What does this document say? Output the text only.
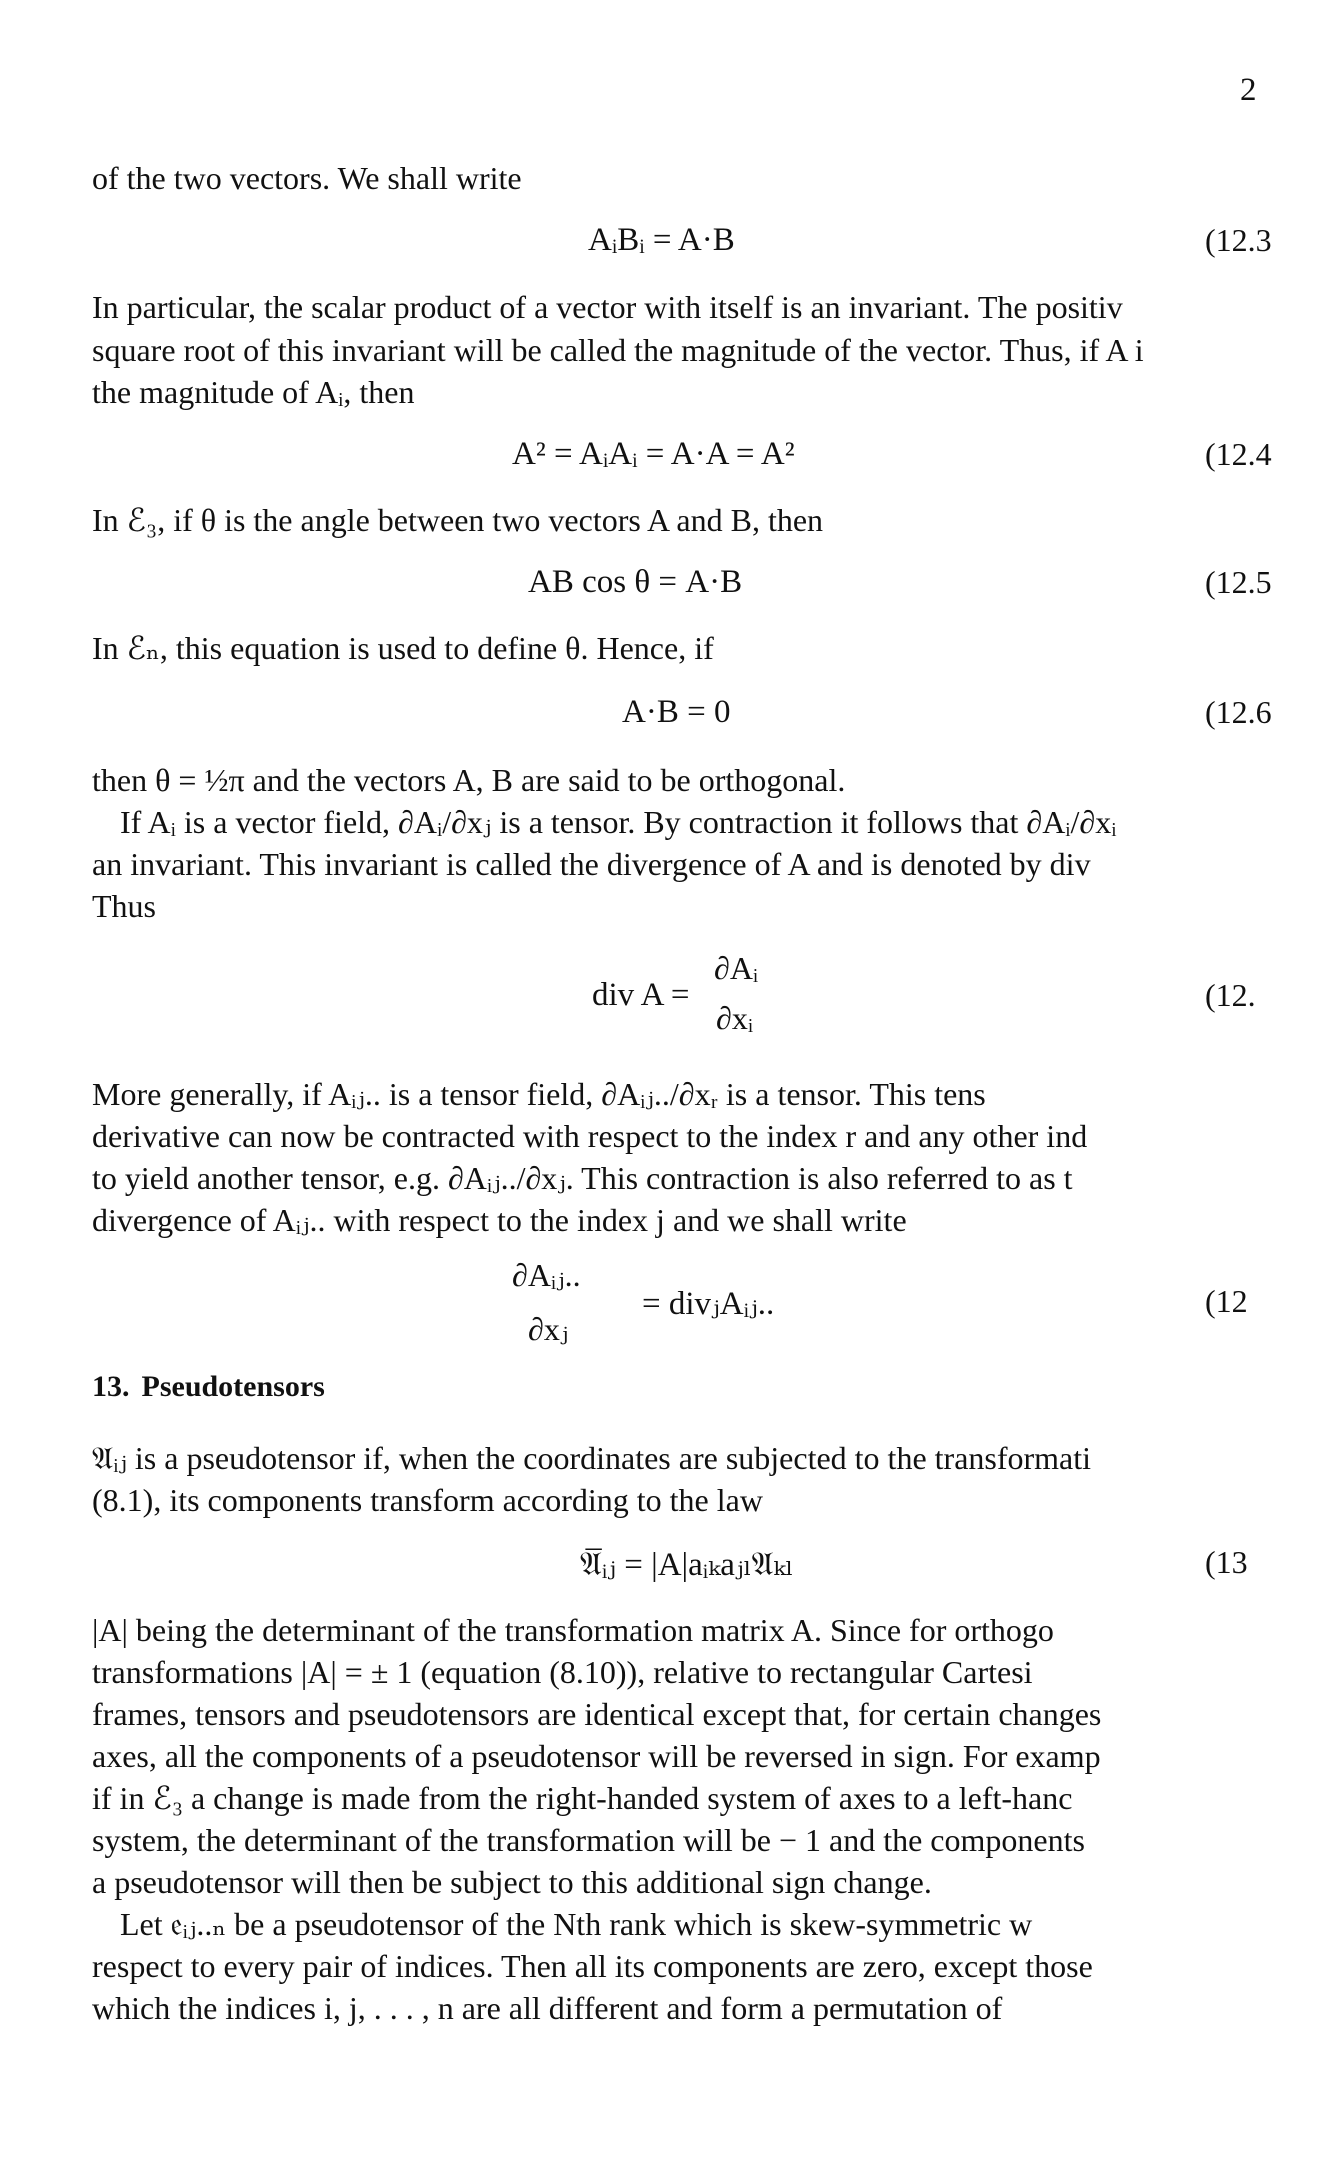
2
of the two vectors. We shall write
AᵢBᵢ = A·B	(12.3
In particular, the scalar product of a vector with itself is an invariant. The positiv
square root of this invariant will be called the magnitude of the vector. Thus, if A i
the magnitude of Aᵢ, then
A² = AᵢAᵢ = A·A = A²	(12.4
In ℰ₃, if θ is the angle between two vectors A and B, then
AB cos θ = A·B	(12.5
In ℰₙ, this equation is used to define θ. Hence, if
A·B = 0	(12.6
then θ = ½π and the vectors A, B are said to be orthogonal.
If Aᵢ is a vector field, ∂Aᵢ/∂xⱼ is a tensor. By contraction it follows that ∂Aᵢ/∂xᵢ
an invariant. This invariant is called the divergence of A and is denoted by div
Thus
div A =
∂Aᵢ
∂xᵢ
(12.
More generally, if Aᵢⱼ.. is a tensor field, ∂Aᵢⱼ../∂xᵣ is a tensor. This tens
derivative can now be contracted with respect to the index r and any other ind
to yield another tensor, e.g. ∂Aᵢⱼ../∂xⱼ. This contraction is also referred to as t
divergence of Aᵢⱼ.. with respect to the index j and we shall write
∂Aᵢⱼ..
∂xⱼ
= divⱼAᵢⱼ..	(12
13. Pseudotensors
𝔄ᵢⱼ is a pseudotensor if, when the coordinates are subjected to the transformati
(8.1), its components transform according to the law
𝔄̅ᵢⱼ = |A|aᵢₖaⱼₗ𝔄ₖₗ	(13
|A| being the determinant of the transformation matrix A. Since for orthogo
transformations |A| = ± 1 (equation (8.10)), relative to rectangular Cartesi
frames, tensors and pseudotensors are identical except that, for certain changes
axes, all the components of a pseudotensor will be reversed in sign. For examp
if in ℰ₃ a change is made from the right-handed system of axes to a left-hanc
system, the determinant of the transformation will be − 1 and the components
a pseudotensor will then be subject to this additional sign change.
Let 𝔢ᵢⱼ..ₙ be a pseudotensor of the Nth rank which is skew-symmetric w
respect to every pair of indices. Then all its components are zero, except those
which the indices i, j, . . . , n are all different and form a permutation of
